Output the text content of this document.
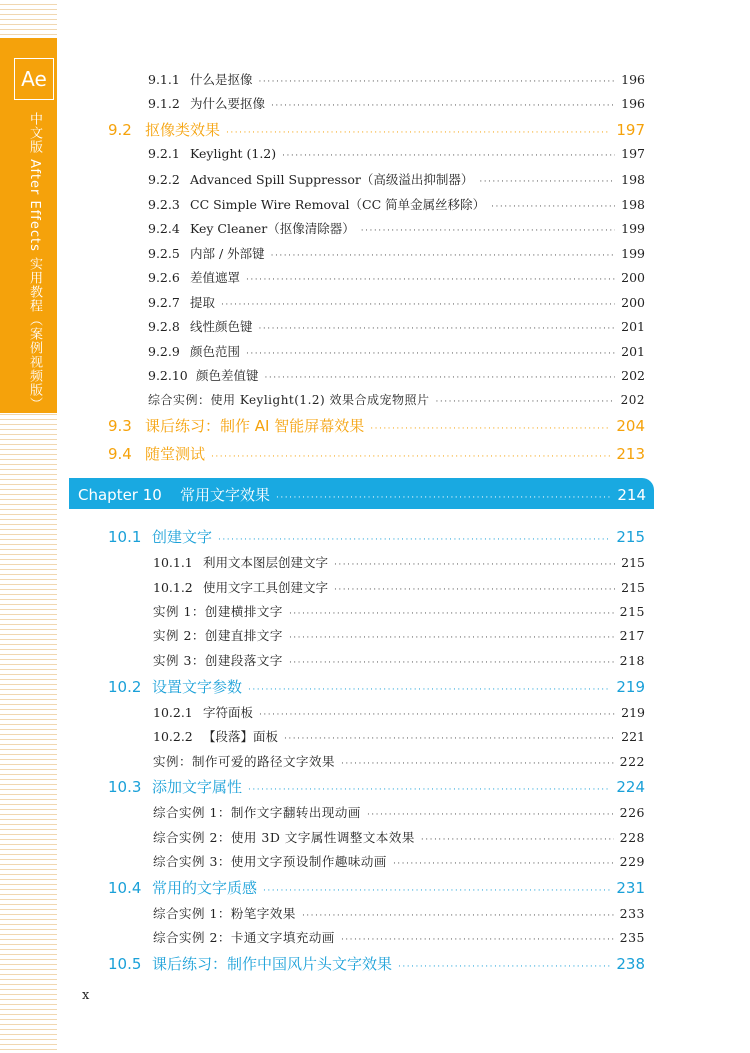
Ae
中文版 After Effects 实用教程（案例视频版）
9.1.1 什么是抠像 ·····	196
9.1.2 为什么要抠像 ·····	196
9.2 抠像类效果 ·····	197
9.2.1 Keylight (1.2) ·····	197
9.2.2 Advanced Spill Suppressor（高级溢出抑制器） ·····	198
9.2.3 CC Simple Wire Removal（CC 简单金属丝移除） ·····	198
9.2.4 Key Cleaner（抠像清除器） ·····	199
9.2.5 内部 / 外部键 ·····	199
9.2.6 差值遮罩 ·····	200
9.2.7 提取 ·····	200
9.2.8 线性颜色键 ·····	201
9.2.9 颜色范围 ·····	201
9.2.10 颜色差值键 ·····	202
综合实例：使用 Keylight(1.2) 效果合成宠物照片 ·····	202
9.3 课后练习：制作 AI 智能屏幕效果 ·····	204
9.4 随堂测试 ·····	213
Chapter 10	常用文字效果 ·····	214
10.1 创建文字 ·····	215
10.1.1 利用文本图层创建文字 ·····	215
10.1.2 使用文字工具创建文字 ·····	215
实例 1：创建横排文字 ·····	215
实例 2：创建直排文字 ·····	217
实例 3：创建段落文字 ·····	218
10.2 设置文字参数 ·····	219
10.2.1 字符面板 ·····	219
10.2.2 【段落】面板 ·····	221
实例：制作可爱的路径文字效果 ·····	222
10.3 添加文字属性 ·····	224
综合实例 1：制作文字翻转出现动画 ·····	226
综合实例 2：使用 3D 文字属性调整文本效果 ·····	228
综合实例 3：使用文字预设制作趣味动画 ·····	229
10.4 常用的文字质感 ·····	231
综合实例 1：粉笔字效果 ·····	233
综合实例 2：卡通文字填充动画 ·····	235
10.5 课后练习：制作中国风片头文字效果 ·····	238
x
